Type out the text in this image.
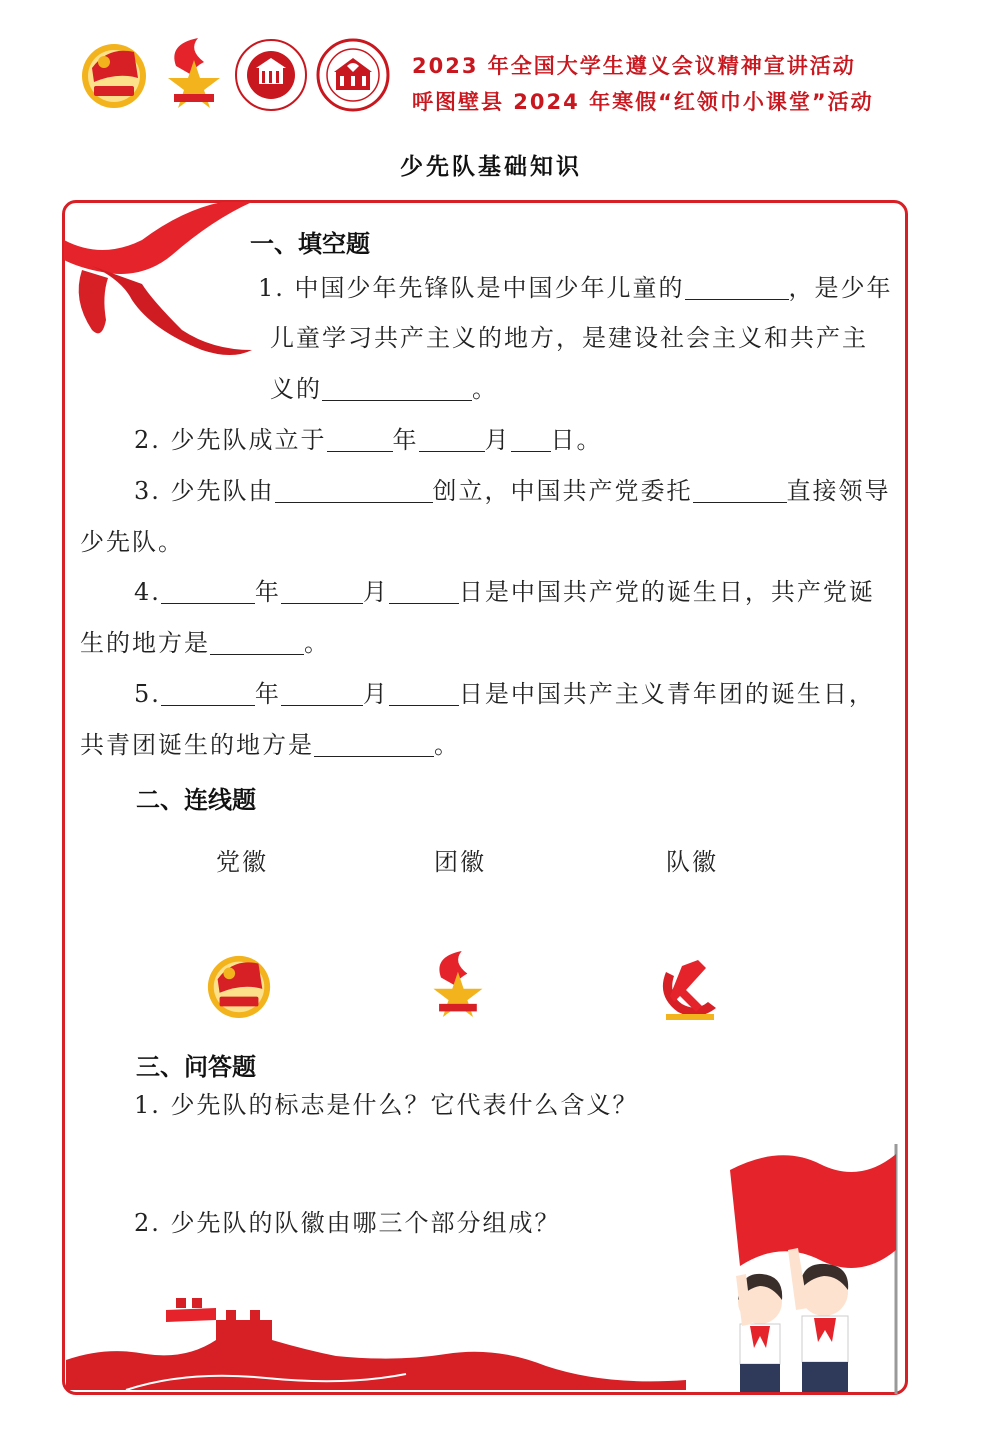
2023 年全国大学生遵义会议精神宣讲活动
呼图壁县 2024 年寒假“红领巾小课堂”活动
少先队基础知识
一、填空题
1. 中国少年先锋队是中国少年儿童的	，是少年
儿童学习共产主义的地方，是建设社会主义和共产主
义的	。
2. 少先队成立于	年	月 日。
3. 少先队由	创立，中国共产党委托	直接领导
少先队。
4.	年	月	日是中国共产党的诞生日，共产党诞
生的地方是	。
5.	年	月	日是中国共产主义青年团的诞生日，
共青团诞生的地方是	。
二、连线题
党徽	团徽	队徽
三、问答题
1. 少先队的标志是什么？它代表什么含义？
2. 少先队的队徽由哪三个部分组成？
